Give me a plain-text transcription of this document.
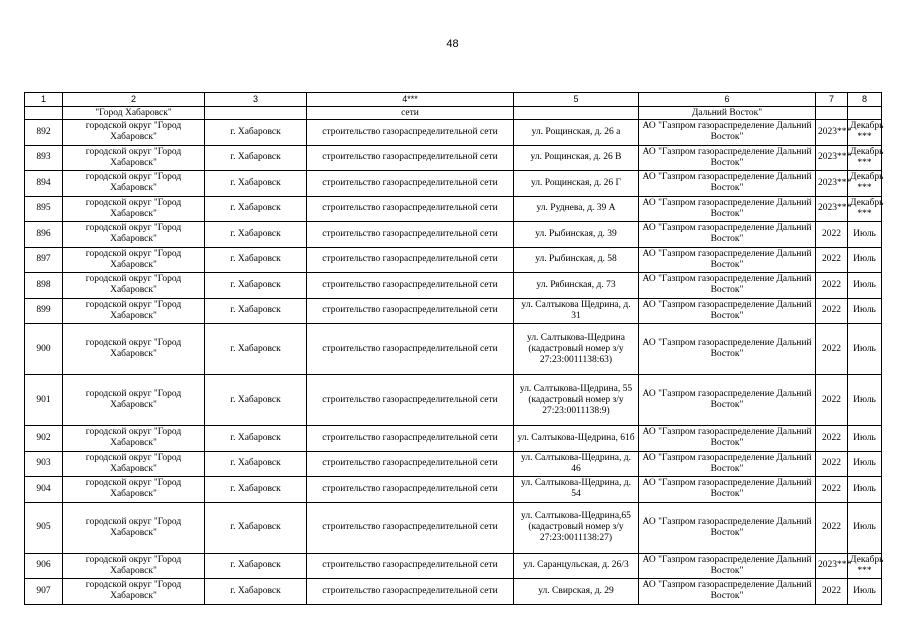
48
1	2	3	4***	5	6	7	8
	"Город Хабаровск"		сети		Дальний Восток"		
892	городской округ "Город Хабаровск"	г. Хабаровск	строительство газораспределительной сети	ул. Рощинская, д. 26 а	АО "Газпром газораспределение Дальний Восток"	2023***	Декабрь ***
893	городской округ "Город Хабаровск"	г. Хабаровск	строительство газораспределительной сети	ул. Рощинская, д. 26 В	АО "Газпром газораспределение Дальний Восток"	2023***	Декабрь ***
894	городской округ "Город Хабаровск"	г. Хабаровск	строительство газораспределительной сети	ул. Рощинская, д. 26 Г	АО "Газпром газораспределение Дальний Восток"	2023***	Декабрь ***
895	городской округ "Город Хабаровск"	г. Хабаровск	строительство газораспределительной сети	ул. Руднева, д. 39 А	АО "Газпром газораспределение Дальний Восток"	2023***	Декабрь ***
896	городской округ "Город Хабаровск"	г. Хабаровск	строительство газораспределительной сети	ул. Рыбинская, д. 39	АО "Газпром газораспределение Дальний Восток"	2022	Июль
897	городской округ "Город Хабаровск"	г. Хабаровск	строительство газораспределительной сети	ул. Рыбинская, д. 58	АО "Газпром газораспределение Дальний Восток"	2022	Июль
898	городской округ "Город Хабаровск"	г. Хабаровск	строительство газораспределительной сети	ул. Рябинская, д. 73	АО "Газпром газораспределение Дальний Восток"	2022	Июль
899	городской округ "Город Хабаровск"	г. Хабаровск	строительство газораспределительной сети	ул. Салтыкова Щедрина, д. 31	АО "Газпром газораспределение Дальний Восток"	2022	Июль
900	городской округ "Город Хабаровск"	г. Хабаровск	строительство газораспределительной сети	ул. Салтыкова-Щедрина (кадастровый номер з/у 27:23:0011138:63)	АО "Газпром газораспределение Дальний Восток"	2022	Июль
901	городской округ "Город Хабаровск"	г. Хабаровск	строительство газораспределительной сети	ул. Салтыкова-Щедрина, 55 (кадастровый номер з/у 27:23:0011138:9)	АО "Газпром газораспределение Дальний Восток"	2022	Июль
902	городской округ "Город Хабаровск"	г. Хабаровск	строительство газораспределительной сети	ул. Салтыкова-Щедрина, 61б	АО "Газпром газораспределение Дальний Восток"	2022	Июль
903	городской округ "Город Хабаровск"	г. Хабаровск	строительство газораспределительной сети	ул. Салтыкова-Щедрина, д. 46	АО "Газпром газораспределение Дальний Восток"	2022	Июль
904	городской округ "Город Хабаровск"	г. Хабаровск	строительство газораспределительной сети	ул. Салтыкова-Щедрина, д. 54	АО "Газпром газораспределение Дальний Восток"	2022	Июль
905	городской округ "Город Хабаровск"	г. Хабаровск	строительство газораспределительной сети	ул. Салтыкова-Щедрина,65 (кадастровый номер з/у 27:23:0011138:27)	АО "Газпром газораспределение Дальний Восток"	2022	Июль
906	городской округ "Город Хабаровск"	г. Хабаровск	строительство газораспределительной сети	ул. Саранцульская, д. 26/3	АО "Газпром газораспределение Дальний Восток"	2023***	Декабрь ***
907	городской округ "Город Хабаровск"	г. Хабаровск	строительство газораспределительной сети	ул. Свирская, д. 29	АО "Газпром газораспределение Дальний Восток"	2022	Июль
